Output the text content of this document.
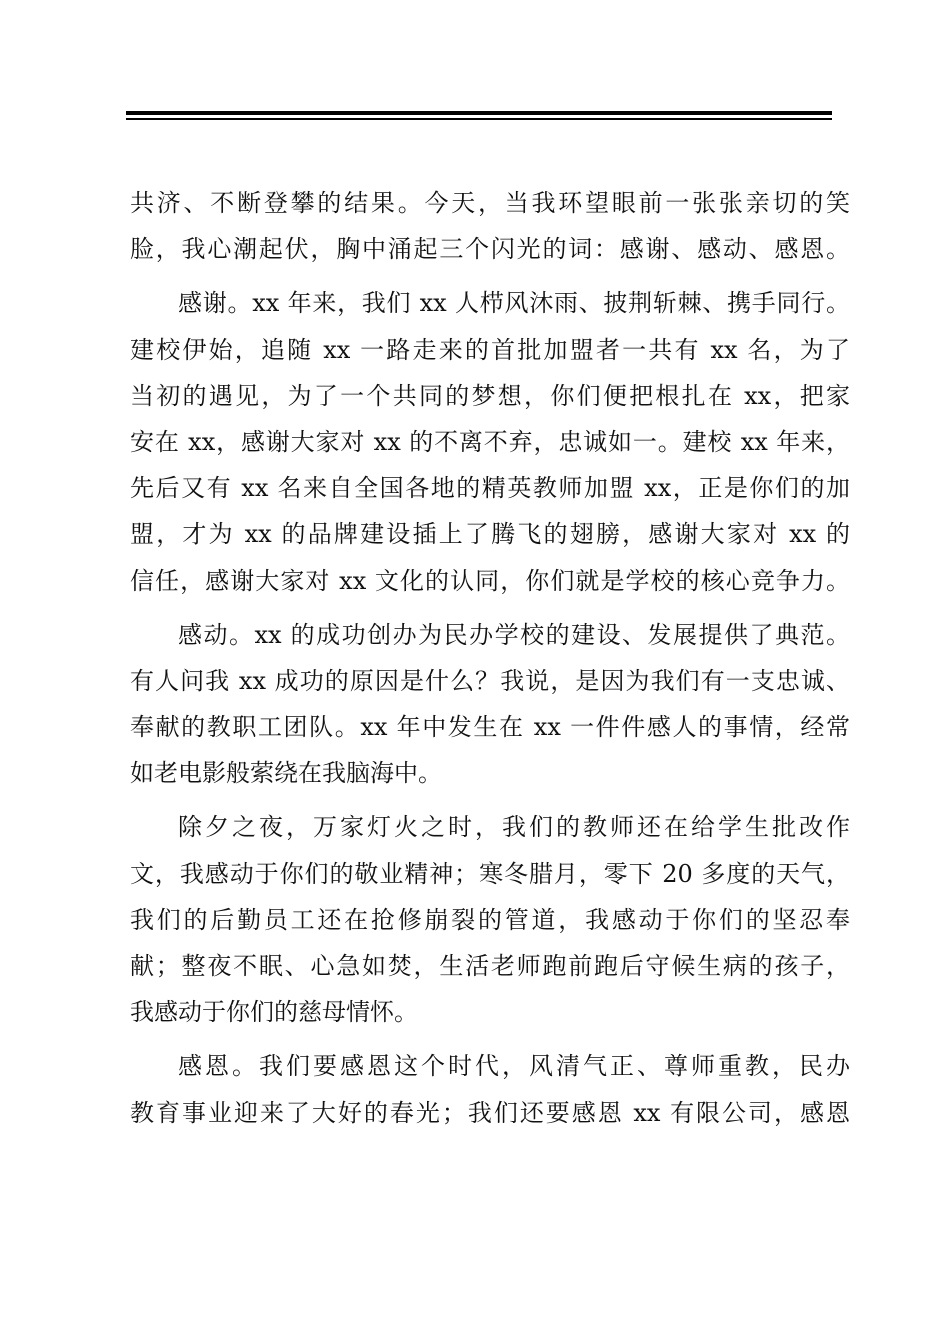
共济、不断登攀的结果。今天，当我环望眼前一张张亲切的笑
脸，我心潮起伏，胸中涌起三个闪光的词：感谢、感动、感恩。
感谢。xx 年来，我们 xx 人栉风沐雨、披荆斩棘、携手同行。
建校伊始，追随 xx 一路走来的首批加盟者一共有 xx 名，为了
当初的遇见，为了一个共同的梦想，你们便把根扎在 xx，把家
安在 xx，感谢大家对 xx 的不离不弃，忠诚如一。建校 xx 年来，
先后又有 xx 名来自全国各地的精英教师加盟 xx，正是你们的加
盟，才为 xx 的品牌建设插上了腾飞的翅膀，感谢大家对 xx 的
信任，感谢大家对 xx 文化的认同，你们就是学校的核心竞争力。
感动。xx 的成功创办为民办学校的建设、发展提供了典范。
有人问我 xx 成功的原因是什么？我说，是因为我们有一支忠诚、
奉献的教职工团队。xx 年中发生在 xx 一件件感人的事情，经常
如老电影般萦绕在我脑海中。
除夕之夜，万家灯火之时，我们的教师还在给学生批改作
文，我感动于你们的敬业精神；寒冬腊月，零下 20 多度的天气，
我们的后勤员工还在抢修崩裂的管道，我感动于你们的坚忍奉
献；整夜不眠、心急如焚，生活老师跑前跑后守候生病的孩子，
我感动于你们的慈母情怀。
感恩。我们要感恩这个时代，风清气正、尊师重教，民办
教育事业迎来了大好的春光；我们还要感恩 xx 有限公司，感恩
